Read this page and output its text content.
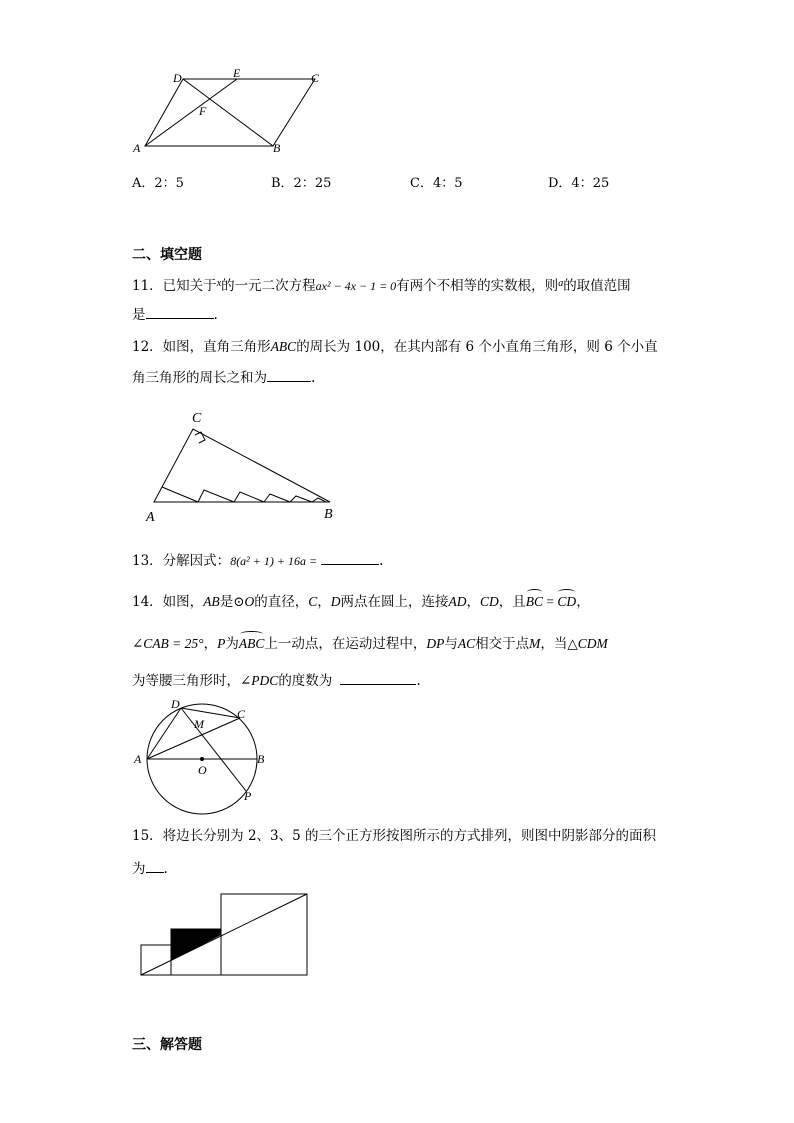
D	E	C
F
A	B
A．2：5	B．2：25	C．4：5	D．4：25
二、填空题
11．已知关于$^x$的一元二次方程ax² − 4x − 1 = 0有两个不相等的实数根，则$^a$的取值范围
是	.
12．如图，直角三角形ABC的周长为 100，在其内部有 6 个小直角三角形，则 6 个小直
角三角形的周长之和为	.
C
A	B
13．分解因式：8(a² + 1) + 16a =	.
14．如图，AB是⊙O的直径，C，D两点在圆上，连接AD，CD，且BC = CD，
∠CAB = 25°，P为ABC上一动点，在运动过程中，DP与AC相交于点M，当△CDM
为等腰三角形时，∠PDC的度数为	.
D
M
C
A
O
B
P
15．将边长分别为 2、3、5 的三个正方形按图所示的方式排列，则图中阴影部分的面积
为 .
三、解答题
